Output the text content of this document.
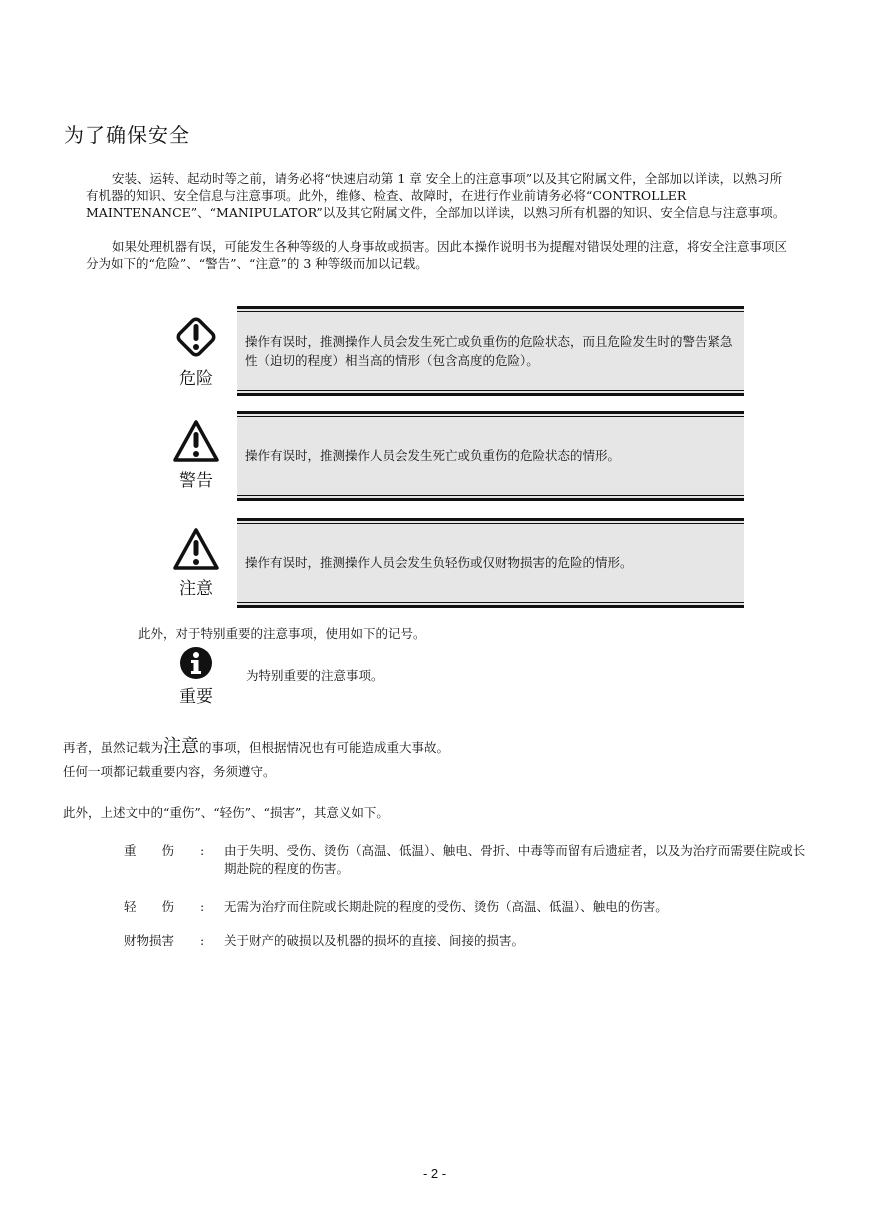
为了确保安全
安装、运转、起动时等之前，请务必将“快速启动第 1 章 安全上的注意事项”以及其它附属文件，全部加以详读，以熟习所有机器的知识、安全信息与注意事项。此外，维修、检查、故障时，在进行作业前请务必将“CONTROLLER MAINTENANCE”、“MANIPULATOR”以及其它附属文件，全部加以详读，以熟习所有机器的知识、安全信息与注意事项。
如果处理机器有误，可能发生各种等级的人身事故或损害。因此本操作说明书为提醒对错误处理的注意，将安全注意事项区分为如下的“危险”、“警告”、“注意”的 3 种等级而加以记载。
危险
操作有误时，推测操作人员会发生死亡或负重伤的危险状态，而且危险发生时的警告紧急性（迫切的程度）相当高的情形（包含高度的危险）。
警告
操作有误时，推测操作人员会发生死亡或负重伤的危险状态的情形。
注意
操作有误时，推测操作人员会发生负轻伤或仅财物损害的危险的情形。
此外，对于特别重要的注意事项，使用如下的记号。
重要
为特别重要的注意事项。
再者，虽然记载为注意的事项，但根据情况也有可能造成重大事故。
任何一项都记载重要内容，务须遵守。
此外，上述文中的“重伤”、“轻伤”、“损害”，其意义如下。
重　　伤	: 由于失明、受伤、烫伤（高温、低温）、触电、骨折、中毒等而留有后遗症者，以及为治疗而需要住院或长期赴院的程度的伤害。
轻　　伤	: 无需为治疗而住院或长期赴院的程度的受伤、烫伤（高温、低温）、触电的伤害。
财物损害	: 关于财产的破损以及机器的损坏的直接、间接的损害。
- 2 -
